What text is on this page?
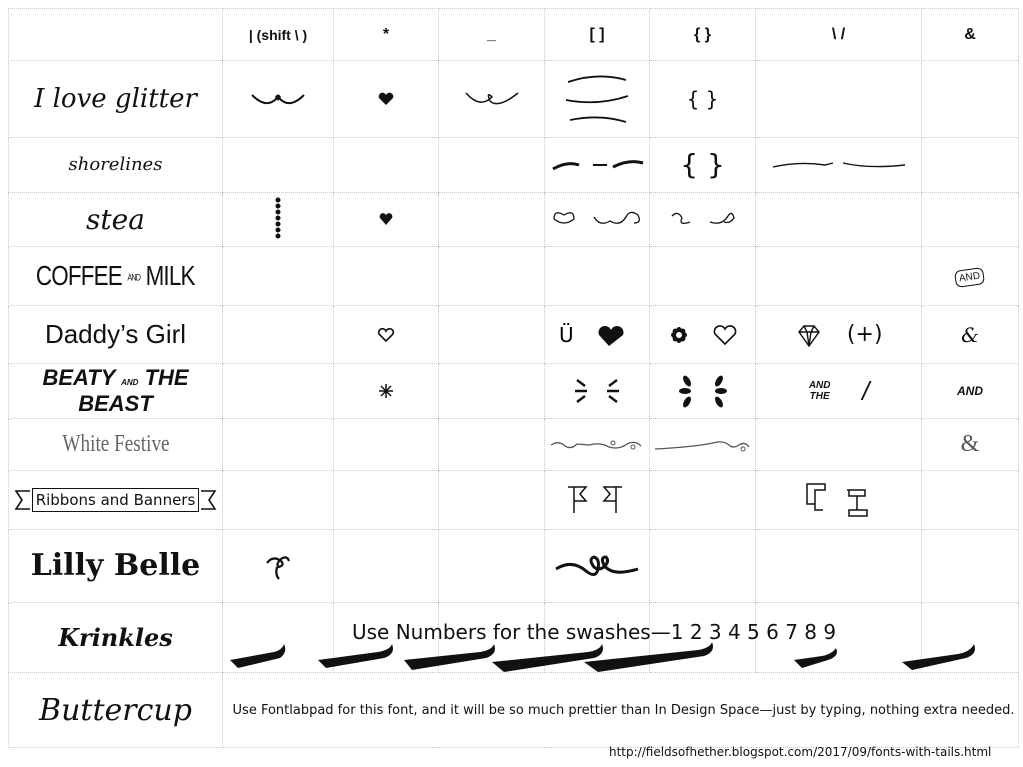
	| (shift \ )	*	_	[ ]	{ }	\ /	&
I love glitter					{ }		
shorelines					{ }	

stea	

COFFEE AND MILK							AND
Daddy’s Girl				Ü		(+)	&
BEATY AND THE BEAST						AND THE /	AND
White Festive							&
Ribbons and Banners				

Lilly Belle	

Krinkles							
Buttercup	Use Fontlabpad for this font, and it will be so much prettier than In Design Space—just by typing, nothing extra needed.						
Use Numbers for the swashes—1 2 3 4 5 6 7 8 9
http://fieldsofhether.blogspot.com/2017/09/fonts-with-tails.html
